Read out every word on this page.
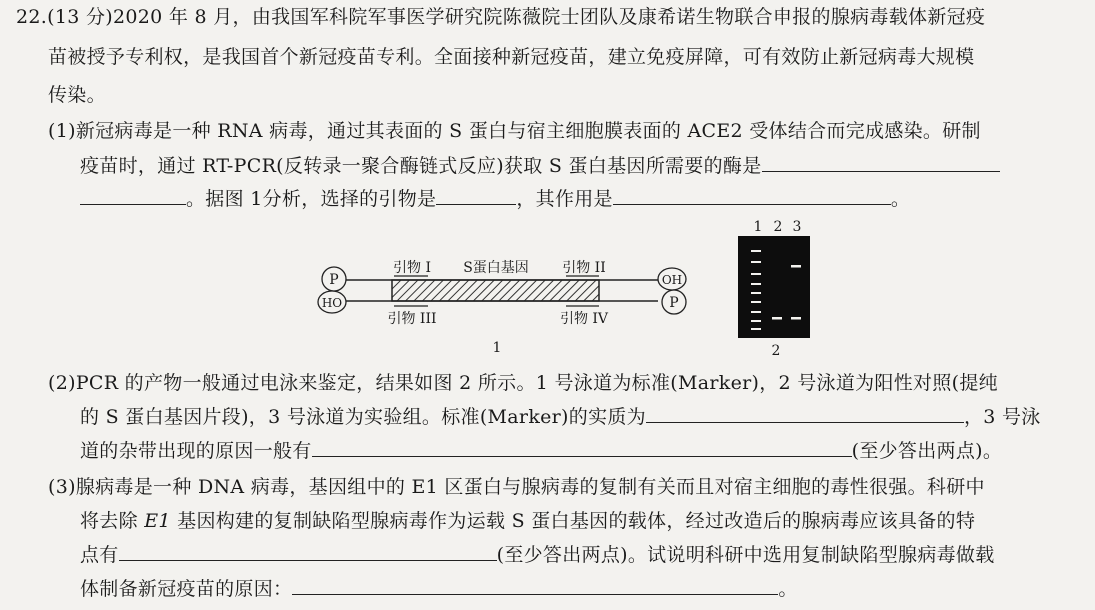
22.(13 分)2020 年 8 月，由我国军科院军事医学研究院陈薇院士团队及康希诺生物联合申报的腺病毒载体新冠疫
苗被授予专利权，是我国首个新冠疫苗专利。全面接种新冠疫苗，建立免疫屏障，可有效防止新冠病毒大规模
传染。
(1)新冠病毒是一种 RNA 病毒，通过其表面的 S 蛋白与宿主细胞膜表面的 ACE2 受体结合而完成感染。研制
疫苗时，通过 RT-PCR(反转录一聚合酶链式反应)获取 S 蛋白基因所需要的酶是
。据图 1分析，选择的引物是	，其作用是	。
P
HO
OH
P
引物 I S蛋白基因 引物 II
引物 III	引物 IV
1
1 2 3
2
(2)PCR 的产物一般通过电泳来鉴定，结果如图 2 所示。1 号泳道为标准(Marker)，2 号泳道为阳性对照(提纯
的 S 蛋白基因片段)，3 号泳道为实验组。标准(Marker)的实质为	，3 号泳
道的杂带出现的原因一般有	(至少答出两点)。
(3)腺病毒是一种 DNA 病毒，基因组中的 E1 区蛋白与腺病毒的复制有关而且对宿主细胞的毒性很强。科研中
将去除 E1 基因构建的复制缺陷型腺病毒作为运载 S 蛋白基因的载体，经过改造后的腺病毒应该具备的特
点有	(至少答出两点)。试说明科研中选用复制缺陷型腺病毒做载
体制备新冠疫苗的原因：	。
